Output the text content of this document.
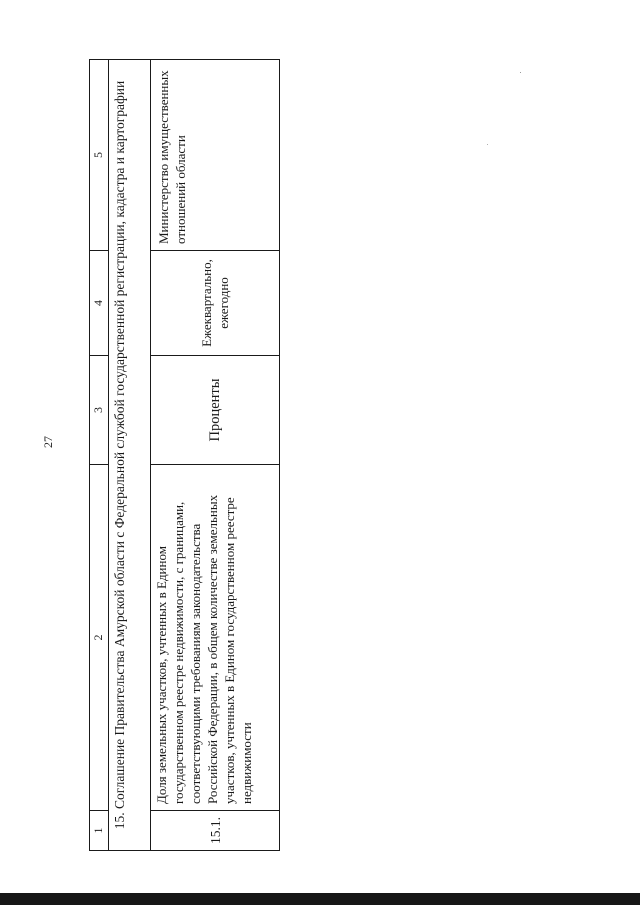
27
1
2
3
4
5 15. Соглашение Правительства Амурской области с Федеральной службой государственной регистрации, кадастра и картографии
15.1.
Доля земельных участков, учтенных в Едином государственном реестре недвижимости, с границами, соответствующими требованиям законодательства Российской Федерации, в общем количестве земельных участков, учтенных в Едином государственном реестре недвижимости
Проценты
Ежеквартально, ежегодно
Министерство имущественных отношений области
